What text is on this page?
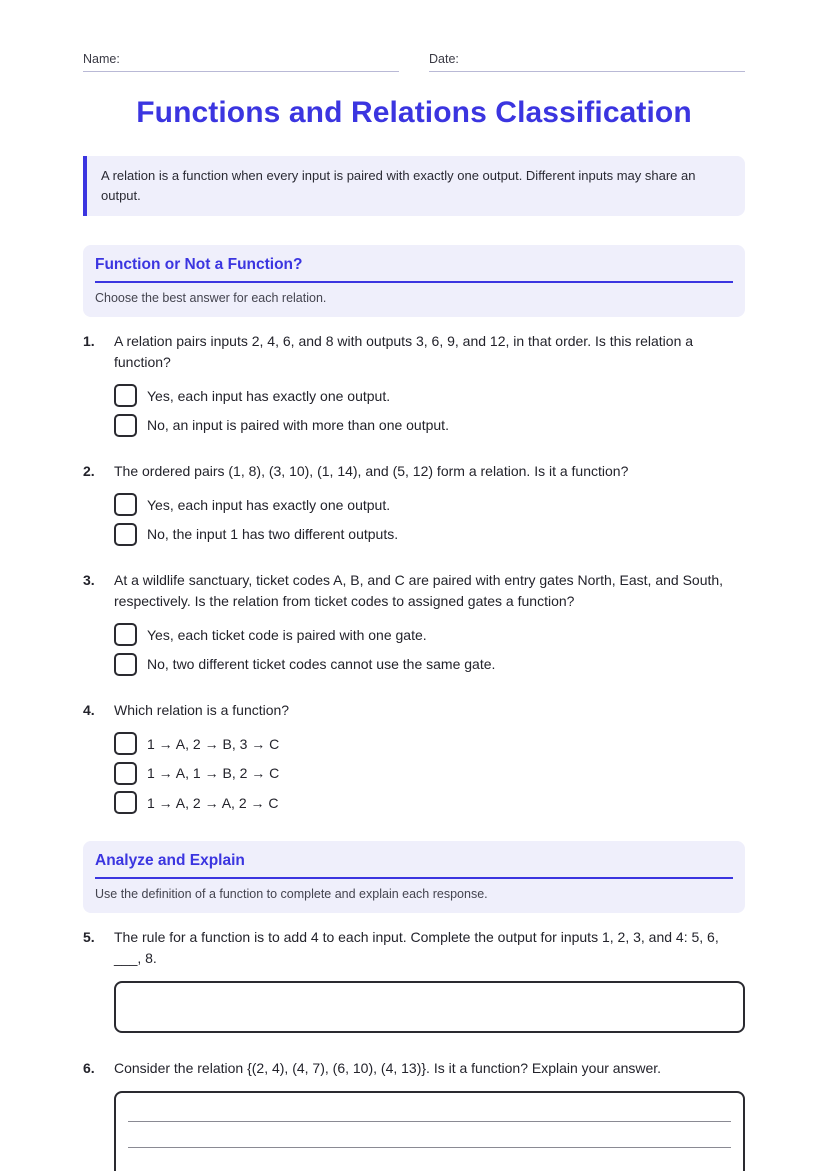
Name:	Date:
Functions and Relations Classification
A relation is a function when every input is paired with exactly one output. Different inputs may share an output.
Function or Not a Function?
Choose the best answer for each relation.
1.	A relation pairs inputs 2, 4, 6, and 8 with outputs 3, 6, 9, and 12, in that order. Is this relation a function?
Yes, each input has exactly one output.
No, an input is paired with more than one output.
2.	The ordered pairs (1, 8), (3, 10), (1, 14), and (5, 12) form a relation. Is it a function?
Yes, each input has exactly one output.
No, the input 1 has two different outputs.
3.	At a wildlife sanctuary, ticket codes A, B, and C are paired with entry gates North, East, and South, respectively. Is the relation from ticket codes to assigned gates a function?
Yes, each ticket code is paired with one gate.
No, two different ticket codes cannot use the same gate.
4.	Which relation is a function?
1 → A, 2 → B, 3 → C
1 → A, 1 → B, 2 → C
1 → A, 2 → A, 2 → C
Analyze and Explain
Use the definition of a function to complete and explain each response.
5.	The rule for a function is to add 4 to each input. Complete the output for inputs 1, 2, 3, and 4: 5, 6, ___, 8.
6.	Consider the relation {(2, 4), (4, 7), (6, 10), (4, 13)}. Is it a function? Explain your answer.
